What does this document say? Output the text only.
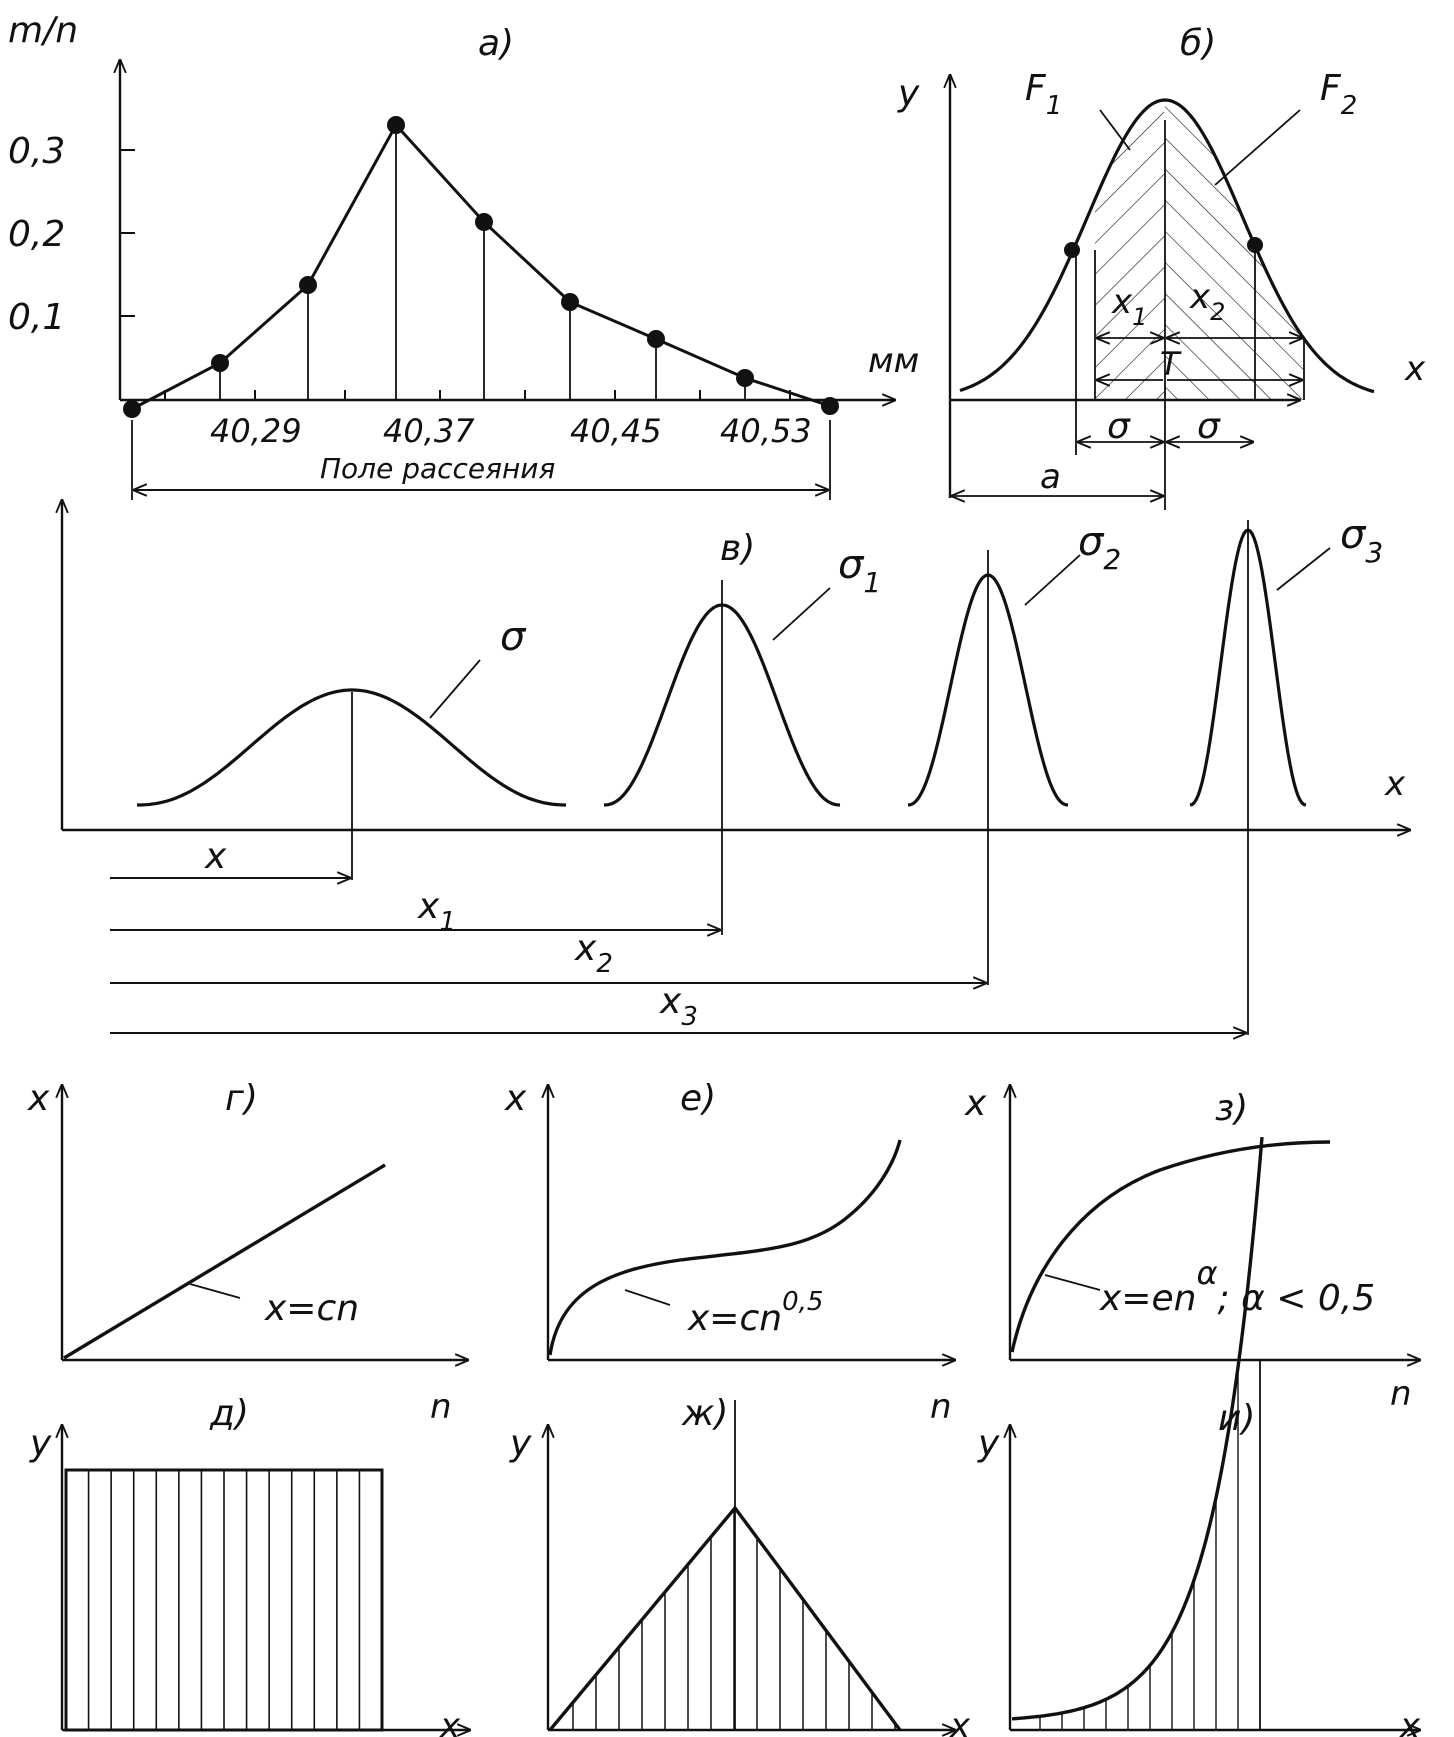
m/n	а)
мм
0,3
0,2
0,1
40,29	40,37	40,45 40,53
Поле рассеяния
б)
y
x
$F_1$	$F_2$
$x_1$ $x_2$
T
σ σ
a
в)
x
σ
$\sigma_1$
$\sigma_2$
$\sigma_3$
x
$x_1$
$x_2$
$x_3$
x	г)
n
x=cn
x	е)
n
x=cn$^{0,5}$
x	з)
n
x=enα; α < 0,5
y
д)
x
y
ж)
x
y
и)
x
